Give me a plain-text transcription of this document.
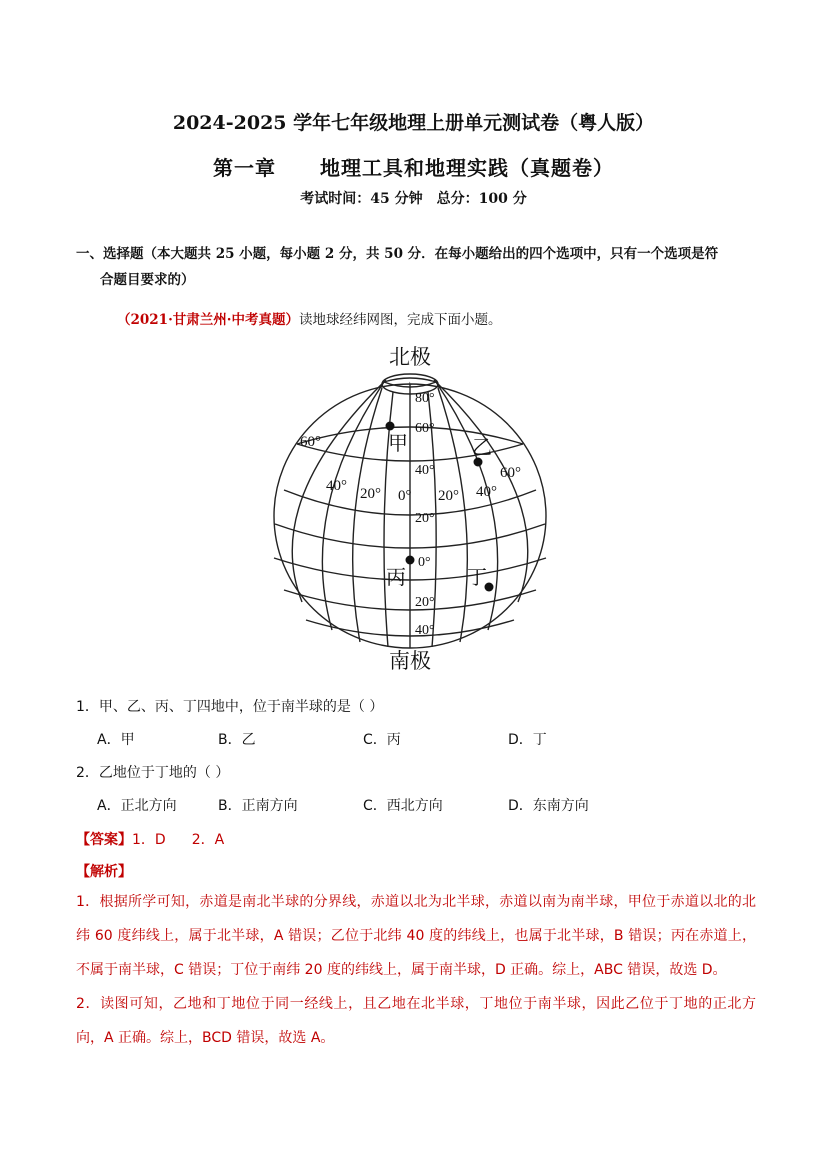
2024-2025 学年七年级地理上册单元测试卷（粤人版）
第一章 地理工具和地理实践（真题卷）
考试时间：45 分钟 总分：100 分
一、选择题（本大题共 25 小题，每小题 2 分，共 50 分．在每小题给出的四个选项中，只有一个选项是符
合题目要求的）
（2021·甘肃兰州·中考真题）读地球经纬网图，完成下面小题。
+
北极
南极
80°
60°
40°
20°
0°
20°
40°
60°
40° 20° 0° 20° 40°
60°
甲	乙
丙	丁
1．甲、乙、丙、丁四地中，位于南半球的是（ ）
A．甲	B．乙	C．丙	D．丁
2．乙地位于丁地的（ ）
A．正北方向	B．正南方向	C．西北方向	D．东南方向
【答案】1．D 2．A
【解析】
1．根据所学可知，赤道是南北半球的分界线，赤道以北为北半球，赤道以南为南半球，甲位于赤道以北的北纬 60 度纬线上，属于北半球，A 错误；乙位于北纬 40 度的纬线上，也属于北半球，B 错误；丙在赤道上，不属于南半球，C 错误；丁位于南纬 20 度的纬线上，属于南半球，D 正确。综上，ABC 错误，故选 D。
2．读图可知，乙地和丁地位于同一经线上，且乙地在北半球，丁地位于南半球，因此乙位于丁地的正北方向，A 正确。综上，BCD 错误，故选 A。
